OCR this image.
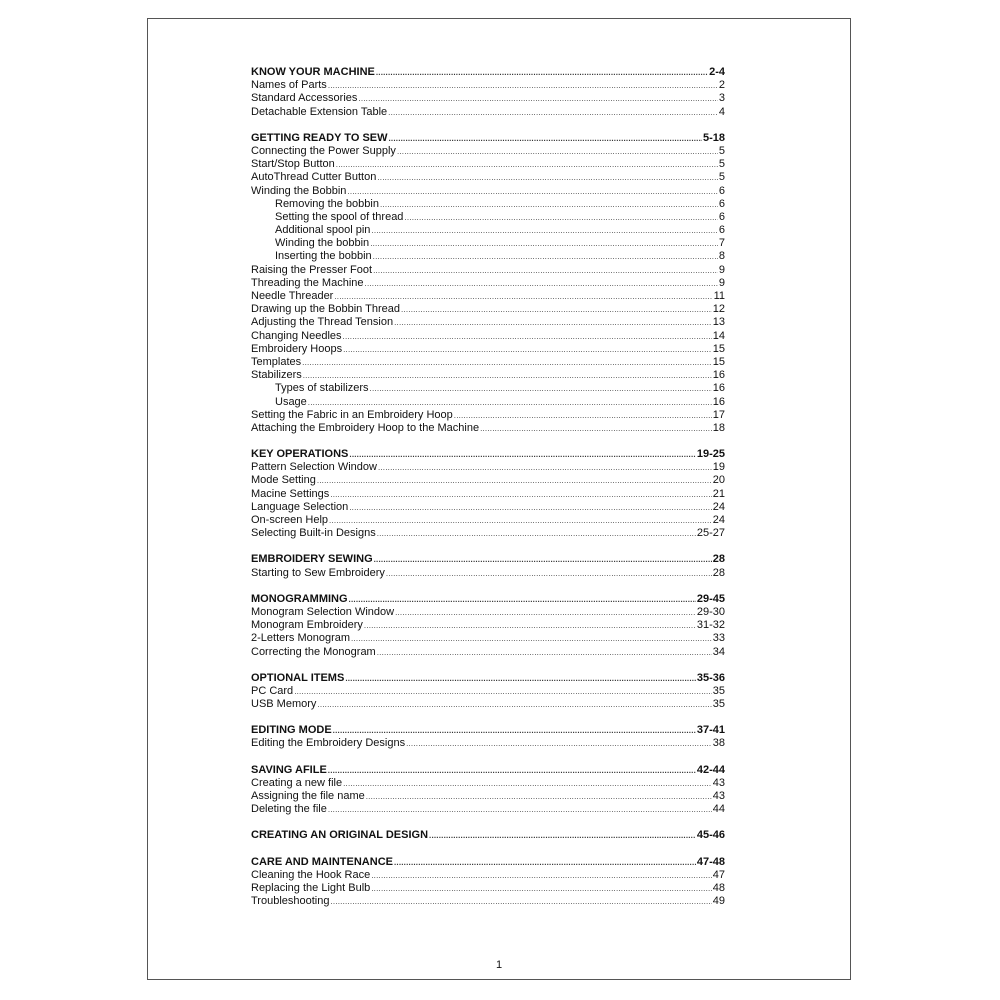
KNOW YOUR MACHINE .....	2-4
Names of Parts .....	2
Standard Accessories .....	3
Detachable Extension Table .....	4
GETTING READY TO SEW .....	5-18
Connecting the Power Supply .....	5
Start/Stop Button .....	5
AutoThread Cutter Button .....	5
Winding the Bobbin .....	6
Removing the bobbin .....	6
Setting the spool of thread .....	6
Additional spool pin .....	6
Winding the bobbin .....	7
Inserting the bobbin .....	8
Raising the Presser Foot .....	9
Threading the Machine .....	9
Needle Threader .....	11
Drawing up the Bobbin Thread .....	12
Adjusting the Thread Tension .....	13
Changing Needles .....	14
Embroidery Hoops .....	15
Templates .....	15
Stabilizers .....	16
Types of stabilizers .....	16
Usage .....	16
Setting the Fabric in an Embroidery Hoop .....	17
Attaching the Embroidery Hoop to the Machine .....	18
KEY OPERATIONS .....	19-25
Pattern Selection Window .....	19
Mode Setting .....	20
Macine Settings .....	21
Language Selection .....	24
On-screen Help .....	24
Selecting Built-in Designs .....	25-27
EMBROIDERY SEWING .....	28
Starting to Sew Embroidery .....	28
MONOGRAMMING .....	29-45
Monogram Selection Window .....	29-30
Monogram Embroidery .....	31-32
2-Letters Monogram .....	33
Correcting the Monogram .....	34
OPTIONAL ITEMS .....	35-36
PC Card .....	35
USB Memory .....	35
EDITING MODE .....	37-41
Editing the Embroidery Designs .....	38
SAVING AFILE .....	42-44
Creating a new file .....	43
Assigning the file name .....	43
Deleting the file .....	44
CREATING AN ORIGINAL DESIGN .....	45-46
CARE AND MAINTENANCE .....	47-48
Cleaning the Hook Race .....	47
Replacing the Light Bulb .....	48
Troubleshooting .....	49
1
